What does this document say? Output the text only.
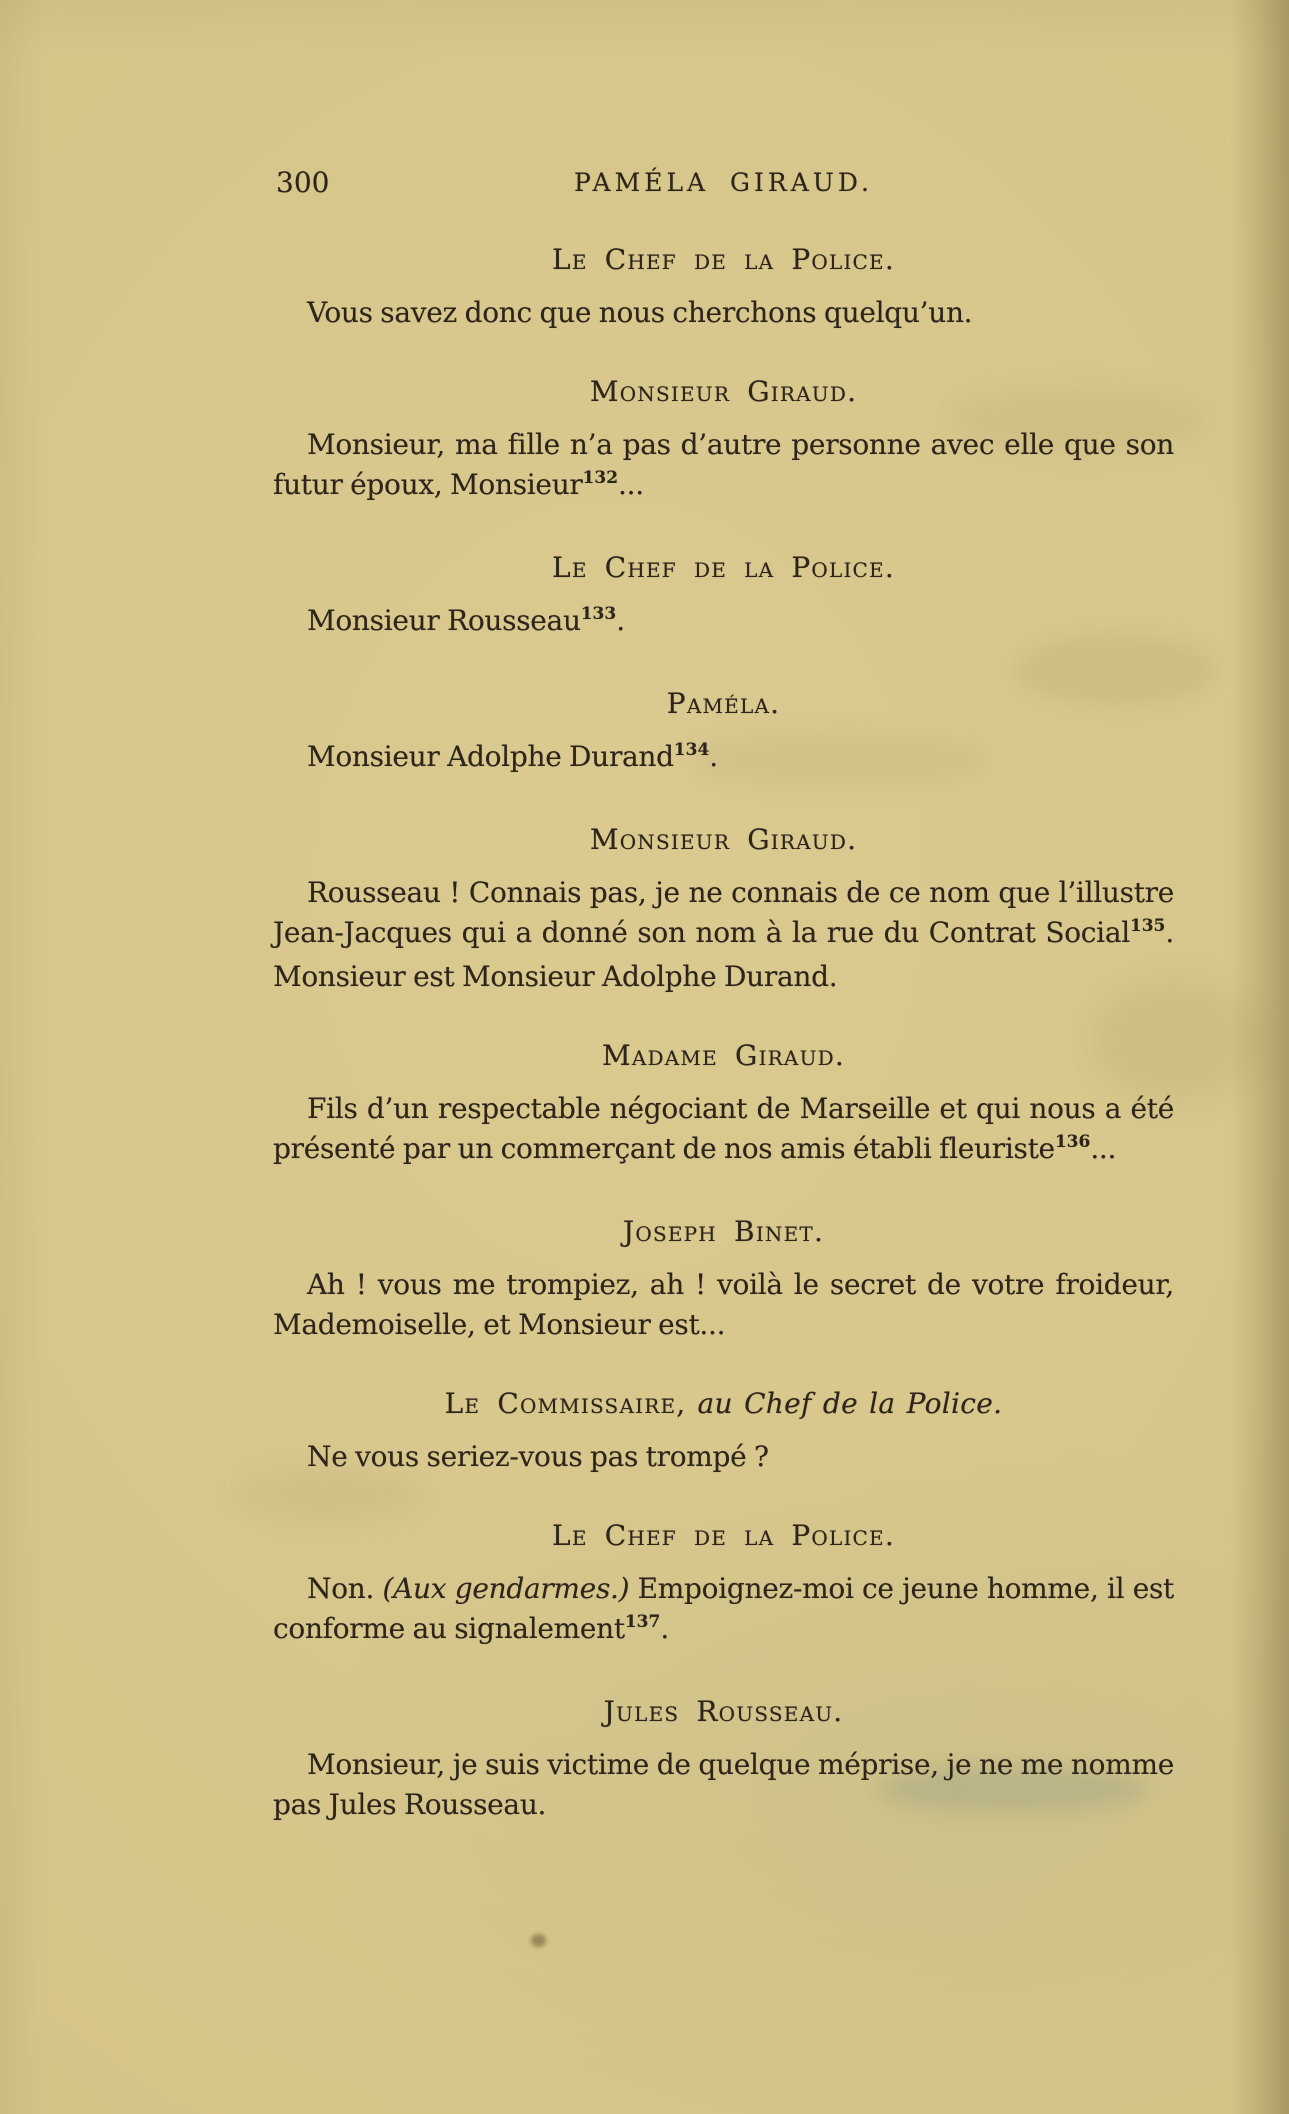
300	PAMÉLA GIRAUD.
Le Chef de la Police.

Vous savez donc que nous cherchons quelqu’un.

Monsieur Giraud.

Monsieur, ma fille n’a pas d’autre personne avec elle que son futur époux, Monsieur$^{132}$...

Le Chef de la Police.

Monsieur Rousseau$^{133}$.

Paméla.

Monsieur Adolphe Durand$^{134}$.

Monsieur Giraud.

Rousseau ! Connais pas, je ne connais de ce nom que l’illustre Jean-Jacques qui a donné son nom à la rue du Contrat Social$^{135}$. Monsieur est Monsieur Adolphe Durand.

Madame Giraud.

Fils d’un respectable négociant de Marseille et qui nous a été présenté par un commerçant de nos amis établi fleuriste$^{136}$...

Joseph Binet.

Ah ! vous me trompiez, ah ! voilà le secret de votre froideur, Mademoiselle, et Monsieur est...

Le Commissaire, au Chef de la Police.

Ne vous seriez-vous pas trompé ?

Le Chef de la Police.

Non. (Aux gendarmes.) Empoignez-moi ce jeune homme, il est conforme au signalement$^{137}$.

Jules Rousseau.

Monsieur, je suis victime de quelque méprise, je ne me nomme pas Jules Rousseau.
